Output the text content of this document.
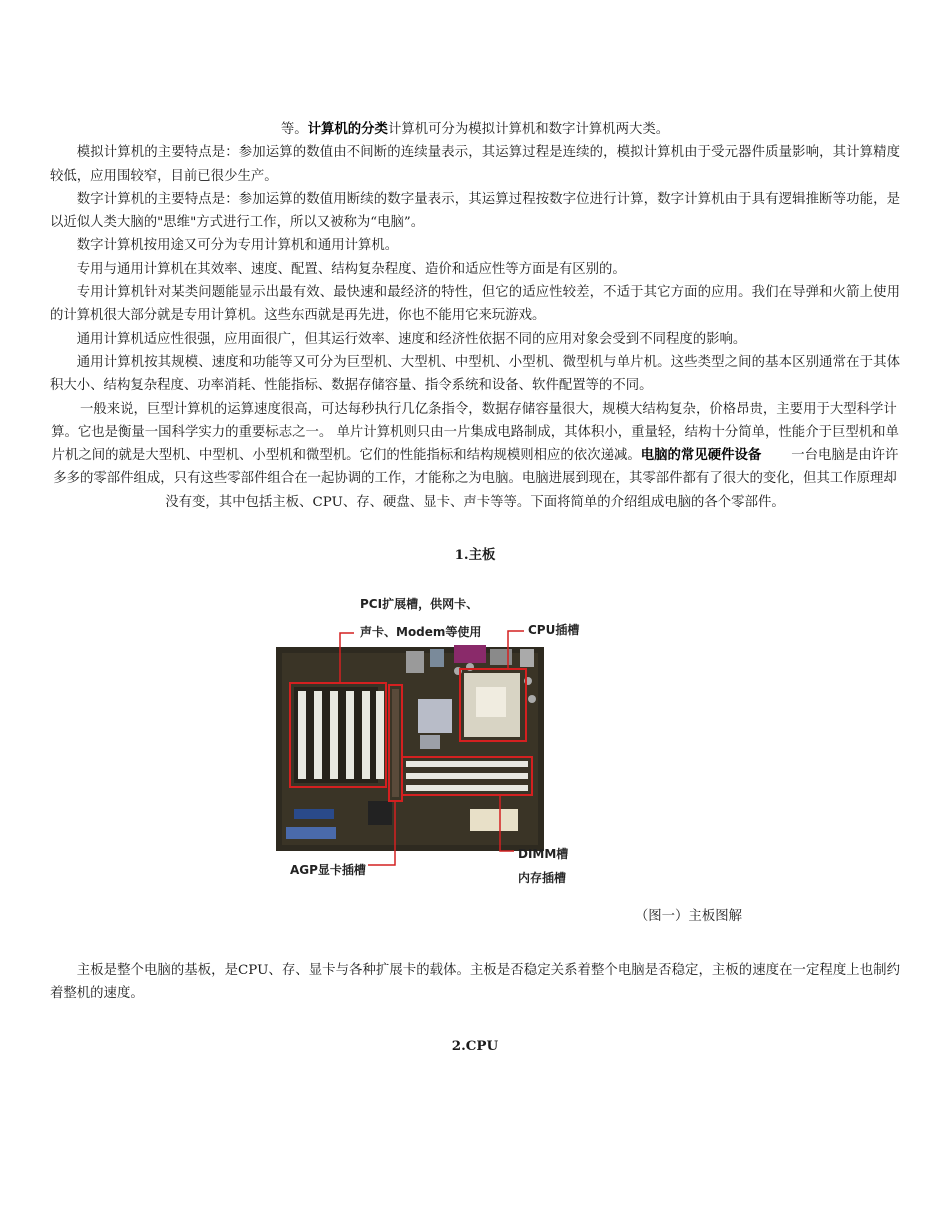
等。计算机的分类计算机可分为模拟计算机和数字计算机两大类。

模拟计算机的主要特点是：参加运算的数值由不间断的连续量表示，其运算过程是连续的，模拟计算机由于受元器件质量影响，其计算精度较低，应用围较窄，目前已很少生产。

数字计算机的主要特点是：参加运算的数值用断续的数字量表示，其运算过程按数字位进行计算，数字计算机由于具有逻辑推断等功能，是以近似人类大脑的"思维"方式进行工作，所以又被称为“电脑”。

数字计算机按用途又可分为专用计算机和通用计算机。

专用与通用计算机在其效率、速度、配置、结构复杂程度、造价和适应性等方面是有区别的。

专用计算机针对某类问题能显示出最有效、最快速和最经济的特性，但它的适应性较差，不适于其它方面的应用。我们在导弹和火箭上使用的计算机很大部分就是专用计算机。这些东西就是再先进，你也不能用它来玩游戏。

通用计算机适应性很强，应用面很广，但其运行效率、速度和经济性依据不同的应用对象会受到不同程度的影响。

通用计算机按其规模、速度和功能等又可分为巨型机、大型机、中型机、小型机、微型机与单片机。这些类型之间的基本区别通常在于其体积大小、结构复杂程度、功率消耗、性能指标、数据存储容量、指令系统和设备、软件配置等的不同。

一般来说，巨型计算机的运算速度很高，可达每秒执行几亿条指令，数据存储容量很大，规模大结构复杂，价格昂贵，主要用于大型科学计算。它也是衡量一国科学实力的重要标志之一。 单片计算机则只由一片集成电路制成，其体积小，重量轻，结构十分简单，性能介于巨型机和单片机之间的就是大型机、中型机、小型机和微型机。它们的性能指标和结构规模则相应的依次递减。电脑的常见硬件设备 一台电脑是由许许多多的零部件组成，只有这些零部件组合在一起协调的工作，才能称之为电脑。电脑进展到现在，其零部件都有了很大的变化，但其工作原理却没有变，其中包括主板、CPU、存、硬盘、显卡、声卡等等。下面将简单的介绍组成电脑的各个零部件。

1.主板

PCI扩展槽，供网卡、
声卡、Modem等使用	CPU插槽
AGP显卡插槽
DIMM槽
内存插槽

（图一）主板图解

主板是整个电脑的基板，是CPU、存、显卡与各种扩展卡的载体。主板是否稳定关系着整个电脑是否稳定，主板的速度在一定程度上也制约着整机的速度。

2.CPU
